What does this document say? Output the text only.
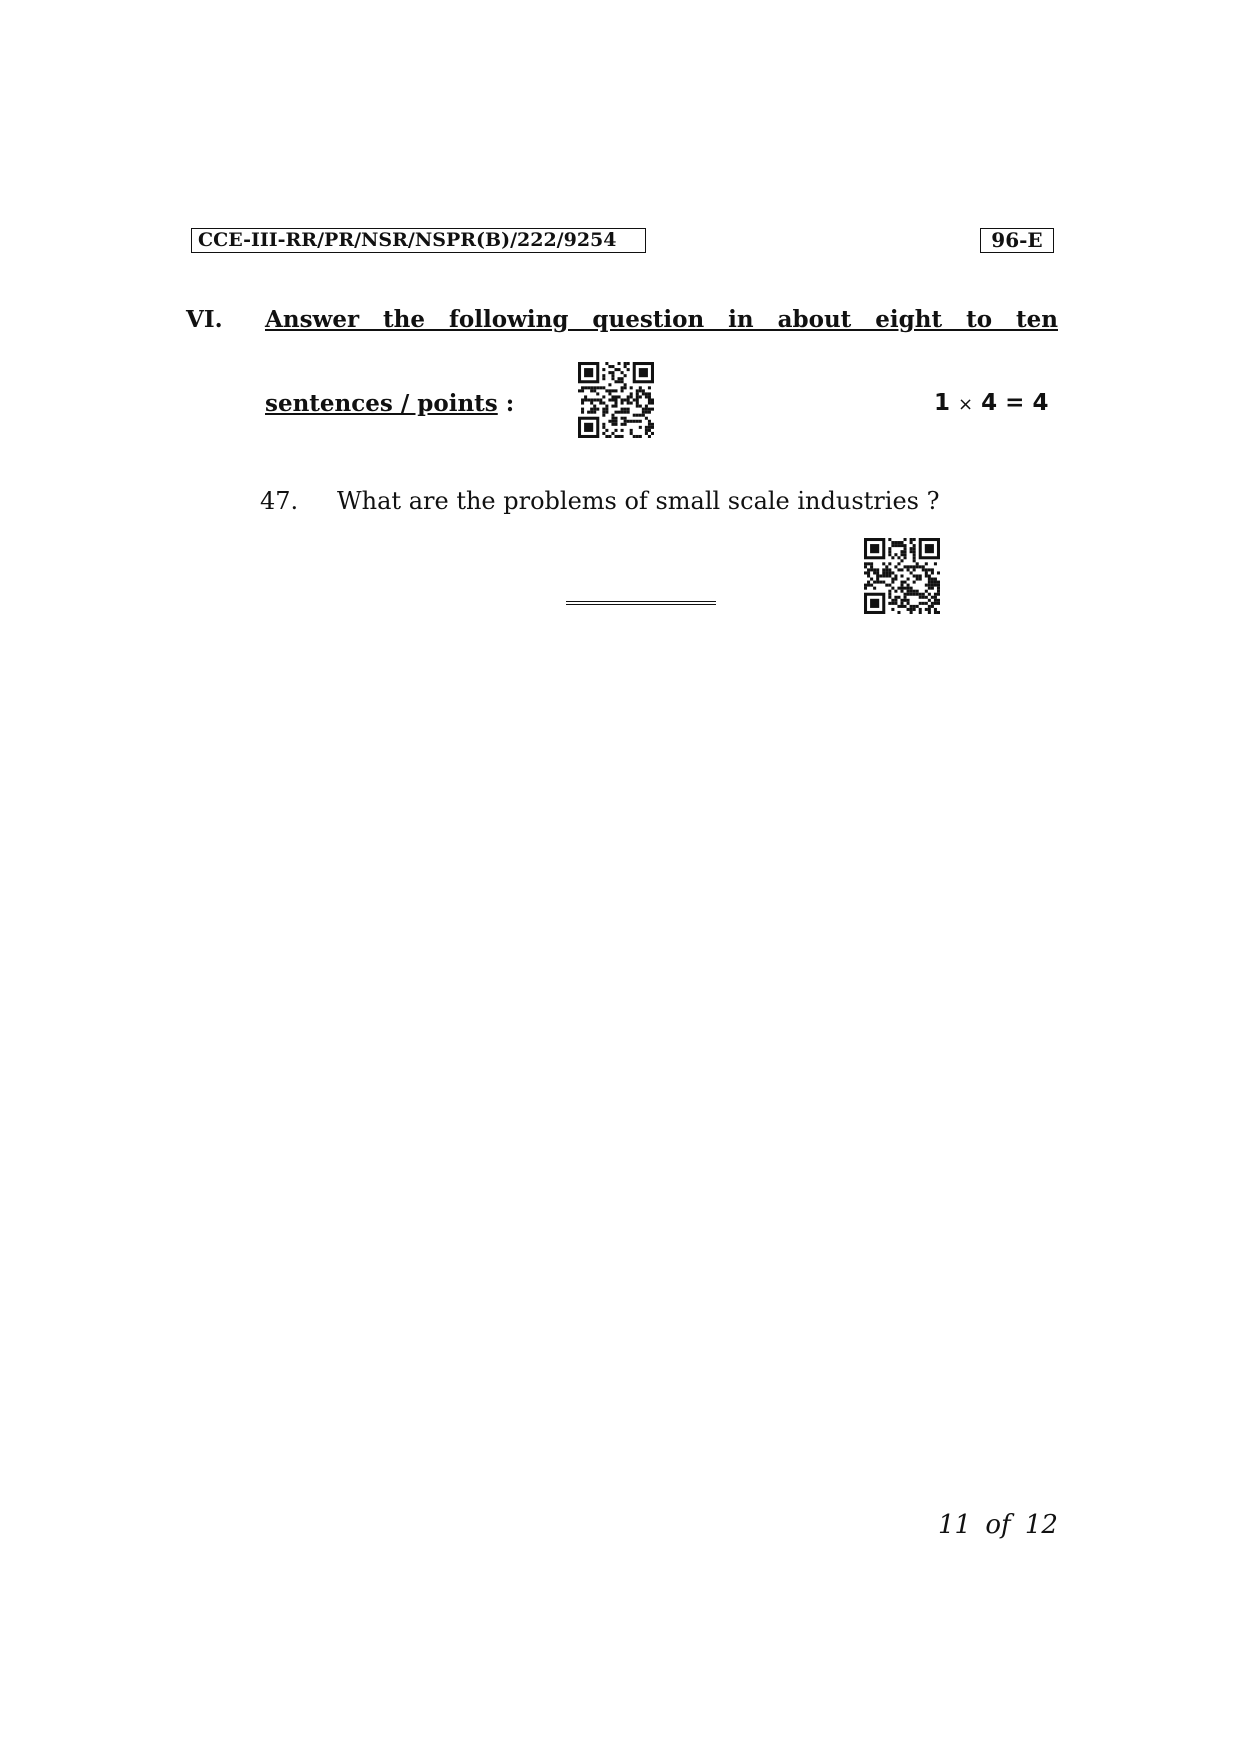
CCE-III-RR/PR/NSR/NSPR(B)/222/9254	96-E
VI. Answer the following question in about eight to ten
sentences / points :	1 × 4 = 4
47. What are the problems of small scale industries ?
11 of 12
